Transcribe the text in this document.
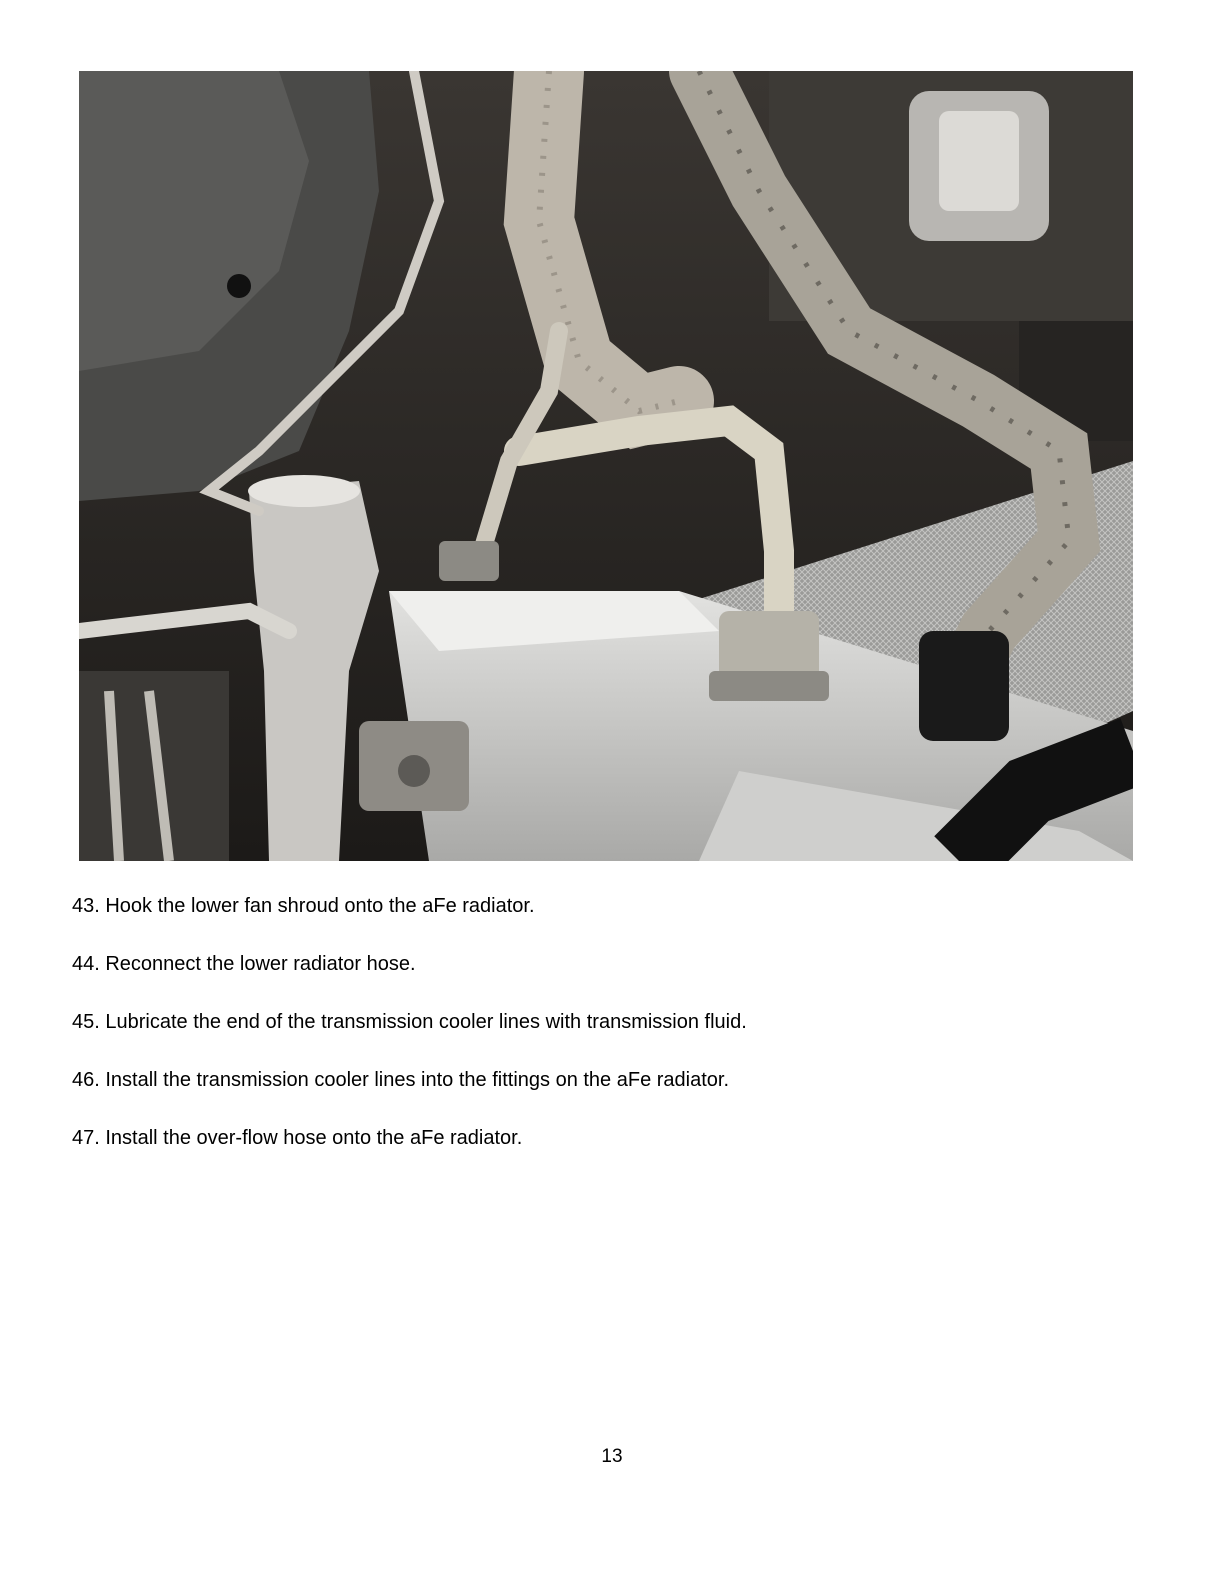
43. Hook the lower fan shroud onto the aFe radiator.
44. Reconnect the lower radiator hose.
45. Lubricate the end of the transmission cooler lines with transmission fluid.
46. Install the transmission cooler lines into the fittings on the aFe radiator.
47. Install the over-flow hose onto the aFe radiator.
13
